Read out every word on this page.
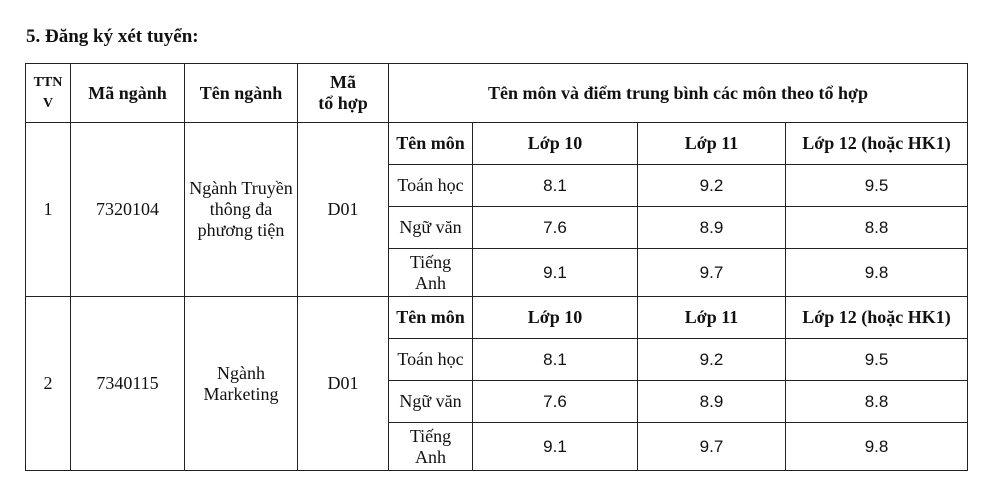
5. Đăng ký xét tuyển:
TTN V	Mã ngành	Tên ngành	Mã
tổ hợp	Tên môn và điểm trung bình các môn theo tổ hợp			
1	7320104	Ngành Truyền thông đa phương tiện	D01	Tên môn	Lớp 10	Lớp 11	Lớp 12 (hoặc HK1)
				Toán học	8.1	9.2	9.5
				Ngữ văn	7.6	8.9	8.8
				Tiếng Anh	9.1	9.7	9.8
2	7340115	Ngành Marketing	D01	Tên môn	Lớp 10	Lớp 11	Lớp 12 (hoặc HK1)
				Toán học	8.1	9.2	9.5
				Ngữ văn	7.6	8.9	8.8
				Tiếng Anh	9.1	9.7	9.8
